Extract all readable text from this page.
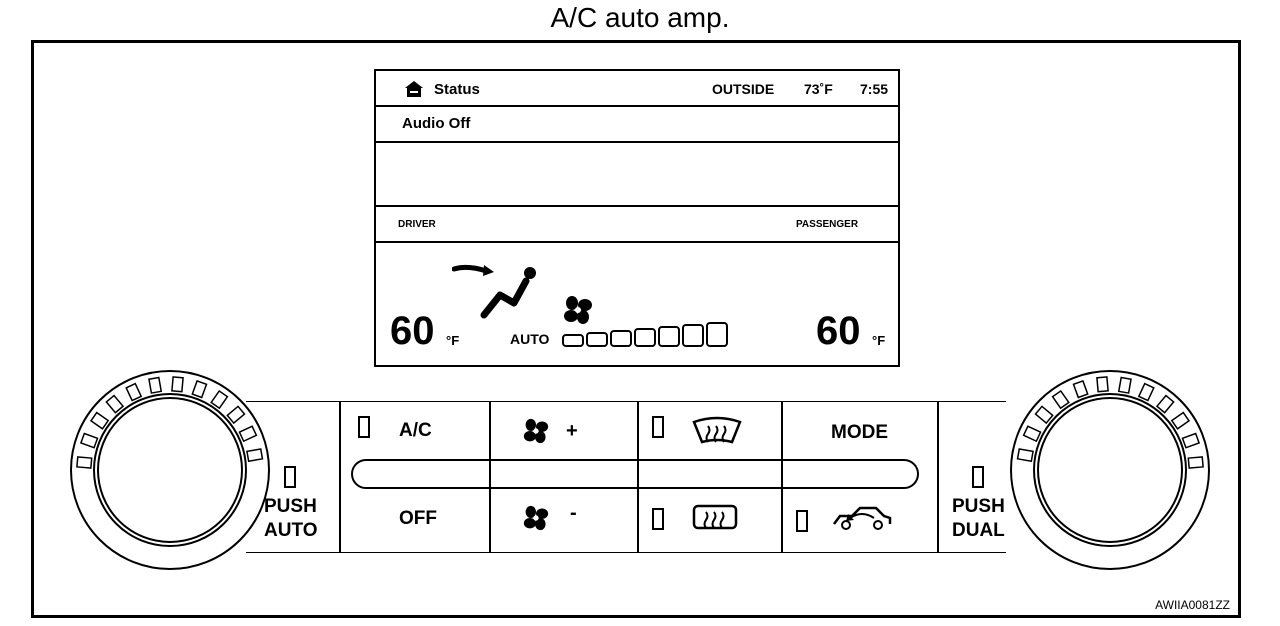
A/C auto amp.
AWIIA0081ZZ
Status	OUTSIDE 73˚F 7:55
Audio Off
DRIVER	PASSENGER
60 °F	AUTO	60 °F
PUSH
AUTO
PUSH
DUAL
A/C
OFF
+
-
MODE
